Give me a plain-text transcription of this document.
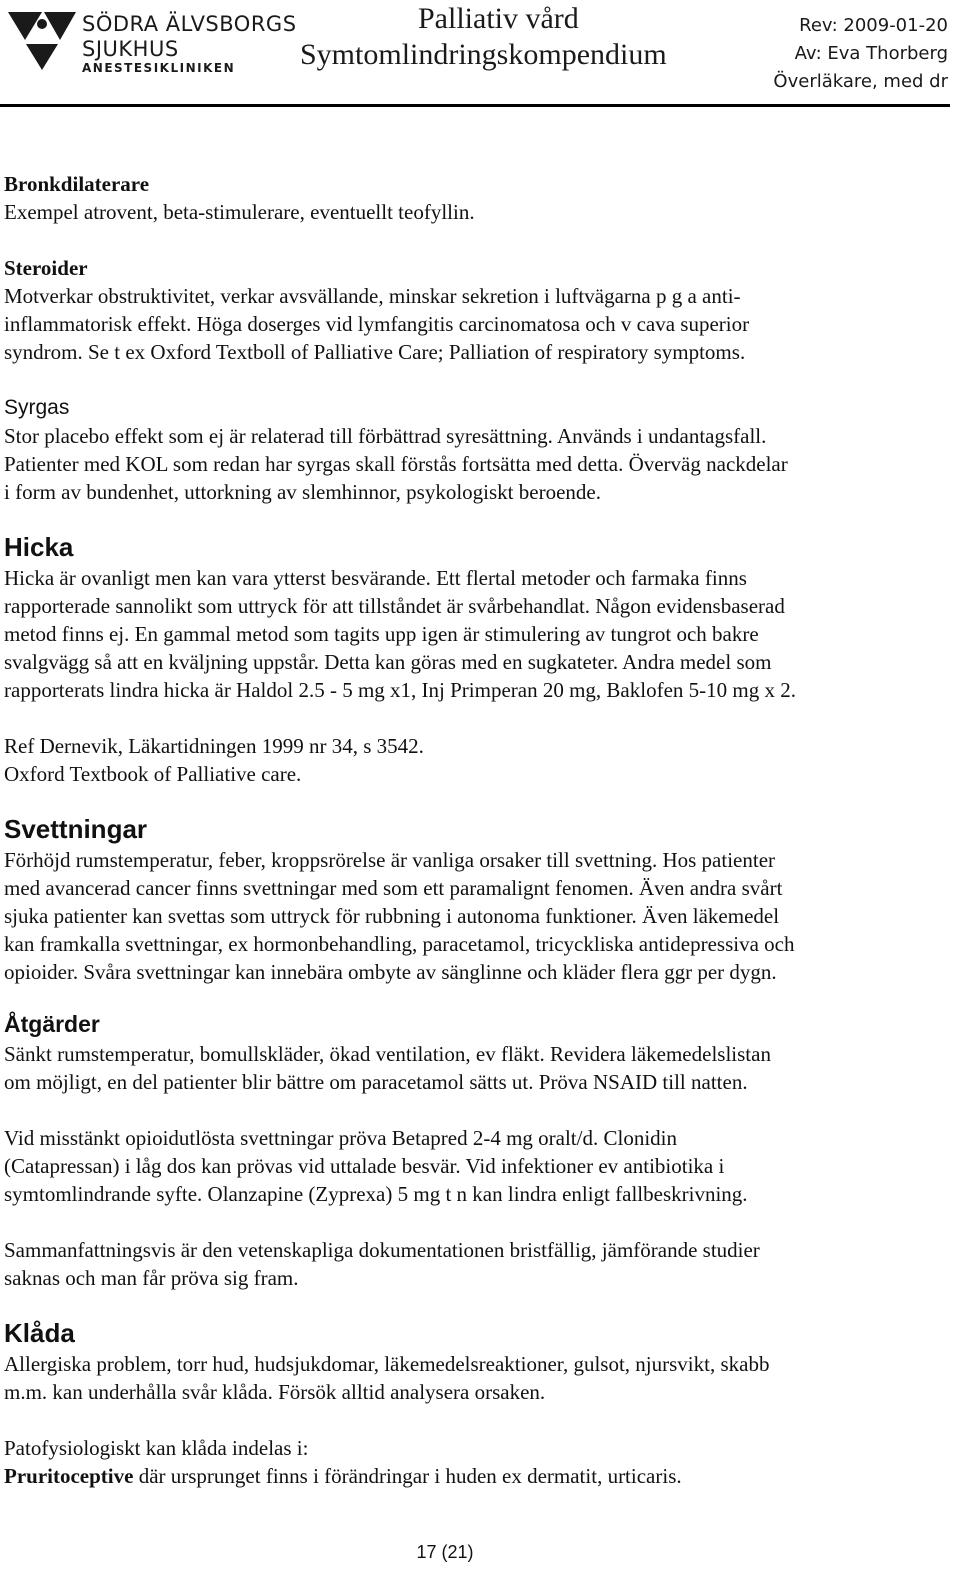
SÖDRA ÄLVSBORGS
SJUKHUS
ANESTESIKLINIKEN
Palliativ vård
Symtomlindringskompendium
Rev: 2009-01-20
Av: Eva Thorberg
Överläkare, med dr

Bronkdilaterare

Exempel atrovent, beta-stimulerare, eventuellt teofyllin.

Steroider

Motverkar obstruktivitet, verkar avsvällande, minskar sekretion i luftvägarna p g a anti-

inflammatorisk effekt. Höga doserges vid lymfangitis carcinomatosa och v cava superior

syndrom. Se t ex Oxford Textboll of Palliative Care; Palliation of respiratory symptoms.

Syrgas

Stor placebo effekt som ej är relaterad till förbättrad syresättning. Används i undantagsfall.

Patienter med KOL som redan har syrgas skall förstås fortsätta med detta. Överväg nackdelar

i form av bundenhet, uttorkning av slemhinnor, psykologiskt beroende.

Hicka

Hicka är ovanligt men kan vara ytterst besvärande. Ett flertal metoder och farmaka finns

rapporterade sannolikt som uttryck för att tillståndet är svårbehandlat. Någon evidensbaserad

metod finns ej. En gammal metod som tagits upp igen är stimulering av tungrot och bakre

svalgvägg så att en kväljning uppstår. Detta kan göras med en sugkateter. Andra medel som

rapporterats lindra hicka är Haldol 2.5 - 5 mg x1, Inj Primperan 20 mg, Baklofen 5-10 mg x 2.

Ref Dernevik, Läkartidningen 1999 nr 34, s 3542.

Oxford Textbook of Palliative care.

Svettningar

Förhöjd rumstemperatur, feber, kroppsrörelse är vanliga orsaker till svettning. Hos patienter

med avancerad cancer finns svettningar med som ett paramalignt fenomen. Även andra svårt

sjuka patienter kan svettas som uttryck för rubbning i autonoma funktioner. Även läkemedel

kan framkalla svettningar, ex hormonbehandling, paracetamol, tricyckliska antidepressiva och

opioider. Svåra svettningar kan innebära ombyte av sänglinne och kläder flera ggr per dygn.

Åtgärder

Sänkt rumstemperatur, bomullskläder, ökad ventilation, ev fläkt. Revidera läkemedelslistan

om möjligt, en del patienter blir bättre om paracetamol sätts ut. Pröva NSAID till natten.

Vid misstänkt opioidutlösta svettningar pröva Betapred 2-4 mg oralt/d. Clonidin

(Catapressan) i låg dos kan prövas vid uttalade besvär. Vid infektioner ev antibiotika i

symtomlindrande syfte. Olanzapine (Zyprexa) 5 mg t n kan lindra enligt fallbeskrivning.

Sammanfattningsvis är den vetenskapliga dokumentationen bristfällig, jämförande studier

saknas och man får pröva sig fram.

Klåda

Allergiska problem, torr hud, hudsjukdomar, läkemedelsreaktioner, gulsot, njursvikt, skabb

m.m. kan underhålla svår klåda. Försök alltid analysera orsaken.

Patofysiologiskt kan klåda indelas i:

Pruritoceptive där ursprunget finns i förändringar i huden ex dermatit, urticaris.

17 (21)
